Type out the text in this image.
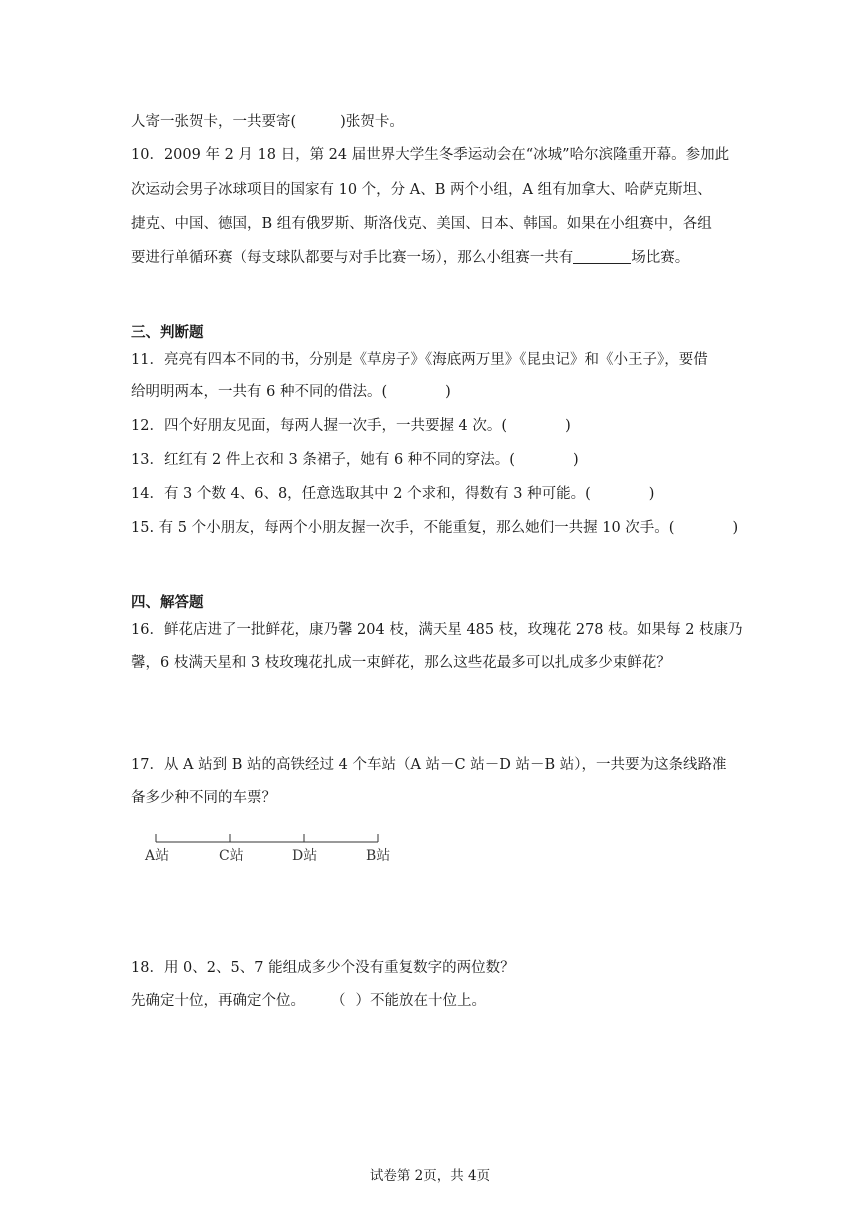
人寄一张贺卡，一共要寄(	)张贺卡。
10．2009 年 2 月 18 日，第 24 届世界大学生冬季运动会在“冰城”哈尔滨隆重开幕。参加此
次运动会男子冰球项目的国家有 10 个，分 A、B 两个小组，A 组有加拿大、哈萨克斯坦、
捷克、中国、德国，B 组有俄罗斯、斯洛伐克、美国、日本、韩国。如果在小组赛中，各组
要进行单循环赛（每支球队都要与对手比赛一场），那么小组赛一共有	场比赛。
三、判断题
11．亮亮有四本不同的书，分别是《草房子》《海底两万里》《昆虫记》和《小王子》，要借
给明明两本，一共有 6 种不同的借法。(	)
12．四个好朋友见面，每两人握一次手，一共要握 4 次。(	)
13．红红有 2 件上衣和 3 条裙子，她有 6 种不同的穿法。(	)
14．有 3 个数 4、6、8，任意选取其中 2 个求和，得数有 3 种可能。(	)
15. 有 5 个小朋友，每两个小朋友握一次手，不能重复，那么她们一共握 10 次手。(	)
四、解答题
16．鲜花店进了一批鲜花，康乃馨 204 枝，满天星 485 枝，玫瑰花 278 枝。如果每 2 枝康乃
馨，6 枝满天星和 3 枝玫瑰花扎成一束鲜花，那么这些花最多可以扎成多少束鲜花？
17．从 A 站到 B 站的高铁经过 4 个车站（A 站－C 站－D 站－B 站），一共要为这条线路准
备多少种不同的车票？
A站	C站	D站	B站
18．用 0、2、5、7 能组成多少个没有重复数字的两位数？
先确定十位，再确定个位。 （ ）不能放在十位上。
试卷第 2页，共 4页
